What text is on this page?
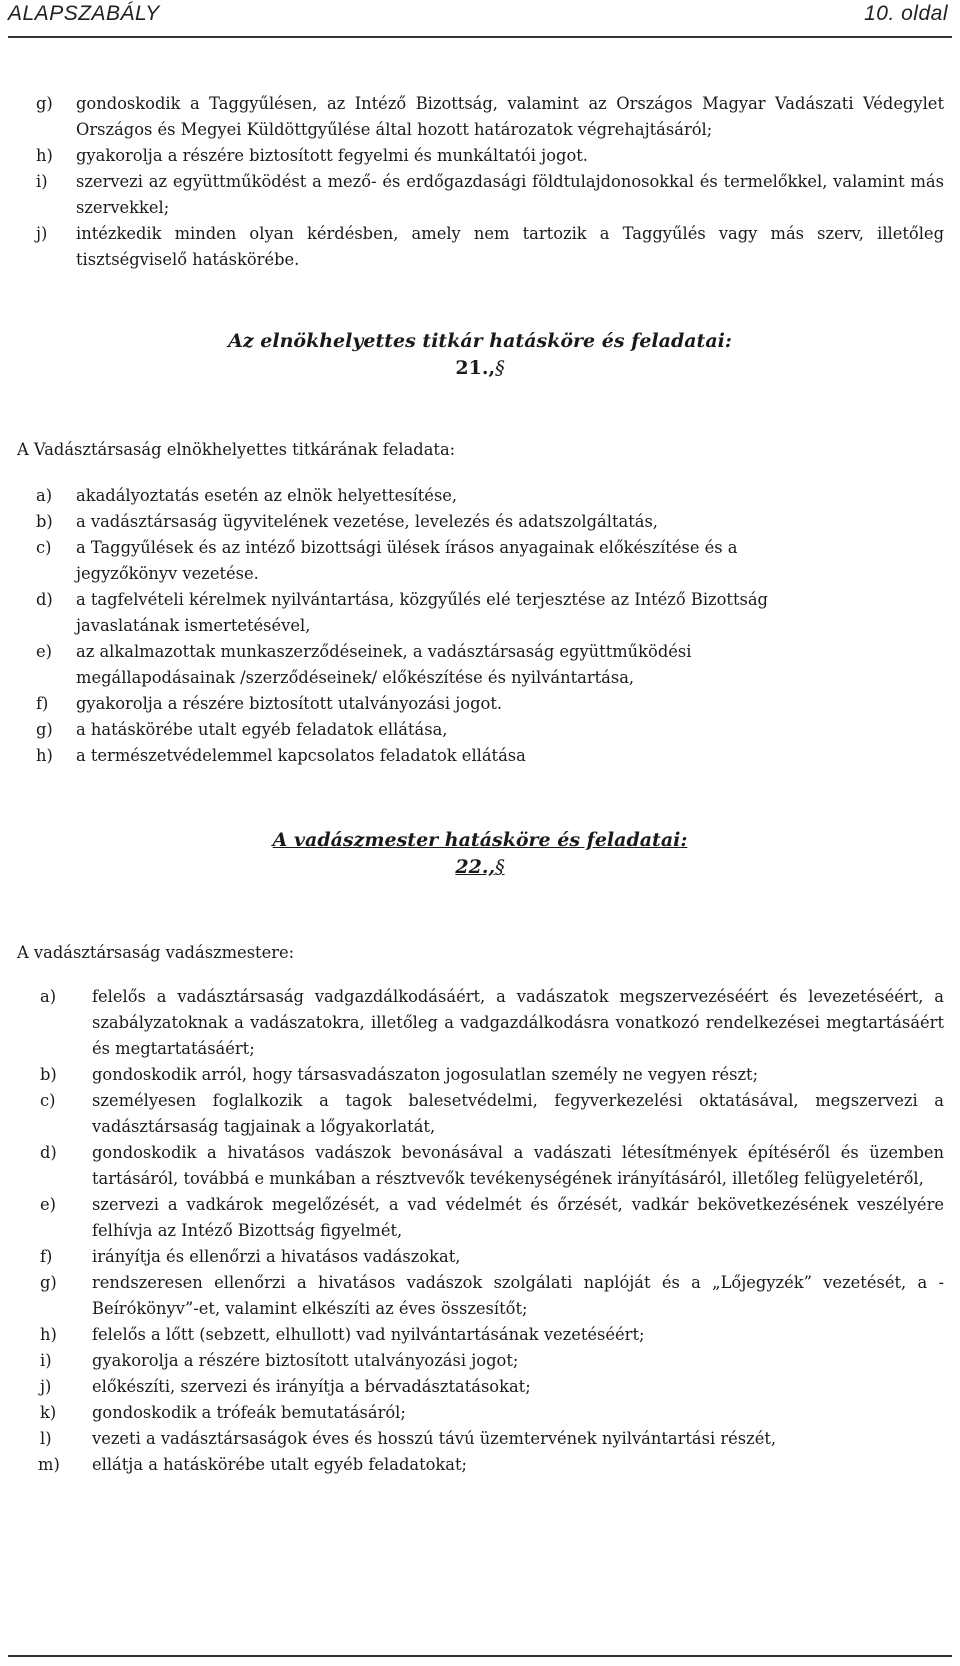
ALAPSZABÁLY	10. oldal
g) gondoskodik a Taggyűlésen, az Intéző Bizottság, valamint az Országos Magyar Vadászati Védegylet Országos és Megyei Küldöttgyűlése által hozott határozatok végrehajtásáról;
h) gyakorolja a részére biztosított fegyelmi és munkáltatói jogot.
i) szervezi az együttműködést a mező- és erdőgazdasági földtulajdonosokkal és termelőkkel, valamint más szervekkel;
j) intézkedik minden olyan kérdésben, amely nem tartozik a Taggyűlés vagy más szerv, illetőleg tisztségviselő hatáskörébe.
Az elnökhelyettes titkár hatásköre és feladatai:
21.,§
A Vadásztársaság elnökhelyettes titkárának feladata:
a) akadályoztatás esetén az elnök helyettesítése,
b) a vadásztársaság ügyvitelének vezetése, levelezés és adatszolgáltatás,
c) a Taggyűlések és az intéző bizottsági ülések írásos anyagainak előkészítése és a jegyzőkönyv vezetése.
d) a tagfelvételi kérelmek nyilvántartása, közgyűlés elé terjesztése az Intéző Bizottság javaslatának ismertetésével,
e) az alkalmazottak munkaszerződéseinek, a vadásztársaság együttműködési megállapodásainak /szerződéseinek/ előkészítése és nyilvántartása,
f) gyakorolja a részére biztosított utalványozási jogot.
g) a hatáskörébe utalt egyéb feladatok ellátása,
h) a természetvédelemmel kapcsolatos feladatok ellátása
A vadászmester hatásköre és feladatai:
22.,§
A vadásztársaság vadászmestere:
a) felelős a vadásztársaság vadgazdálkodásáért, a vadászatok megszervezéséért és levezetéséért, a szabályzatoknak a vadászatokra, illetőleg a vadgazdálkodásra vonatkozó rendelkezései megtartásáért és megtartatásáért;
b) gondoskodik arról, hogy társasvadászaton jogosulatlan személy ne vegyen részt;
c) személyesen foglalkozik a tagok balesetvédelmi, fegyverkezelési oktatásával, megszervezi a vadásztársaság tagjainak a lőgyakorlatát,
d) gondoskodik a hivatásos vadászok bevonásával a vadászati létesítmények építéséről és üzemben tartásáról, továbbá e munkában a résztvevők tevékenységének irányításáról, illetőleg felügyeletéről,
e) szervezi a vadkárok megelőzését, a vad védelmét és őrzését, vadkár bekövetkezésének veszélyére felhívja az Intéző Bizottság figyelmét,
f) irányítja és ellenőrzi a hivatásos vadászokat,
g) rendszeresen ellenőrzi a hivatásos vadászok szolgálati naplóját és a „Lőjegyzék” vezetését, a -Beírókönyv”-et, valamint elkészíti az éves összesítőt;
h) felelős a lőtt (sebzett, elhullott) vad nyilvántartásának vezetéséért;
i) gyakorolja a részére biztosított utalványozási jogot;
j) előkészíti, szervezi és irányítja a bérvadásztatásokat;
k) gondoskodik a trófeák bemutatásáról;
l) vezeti a vadásztársaságok éves és hosszú távú üzemtervének nyilvántartási részét,
m) ellátja a hatáskörébe utalt egyéb feladatokat;
